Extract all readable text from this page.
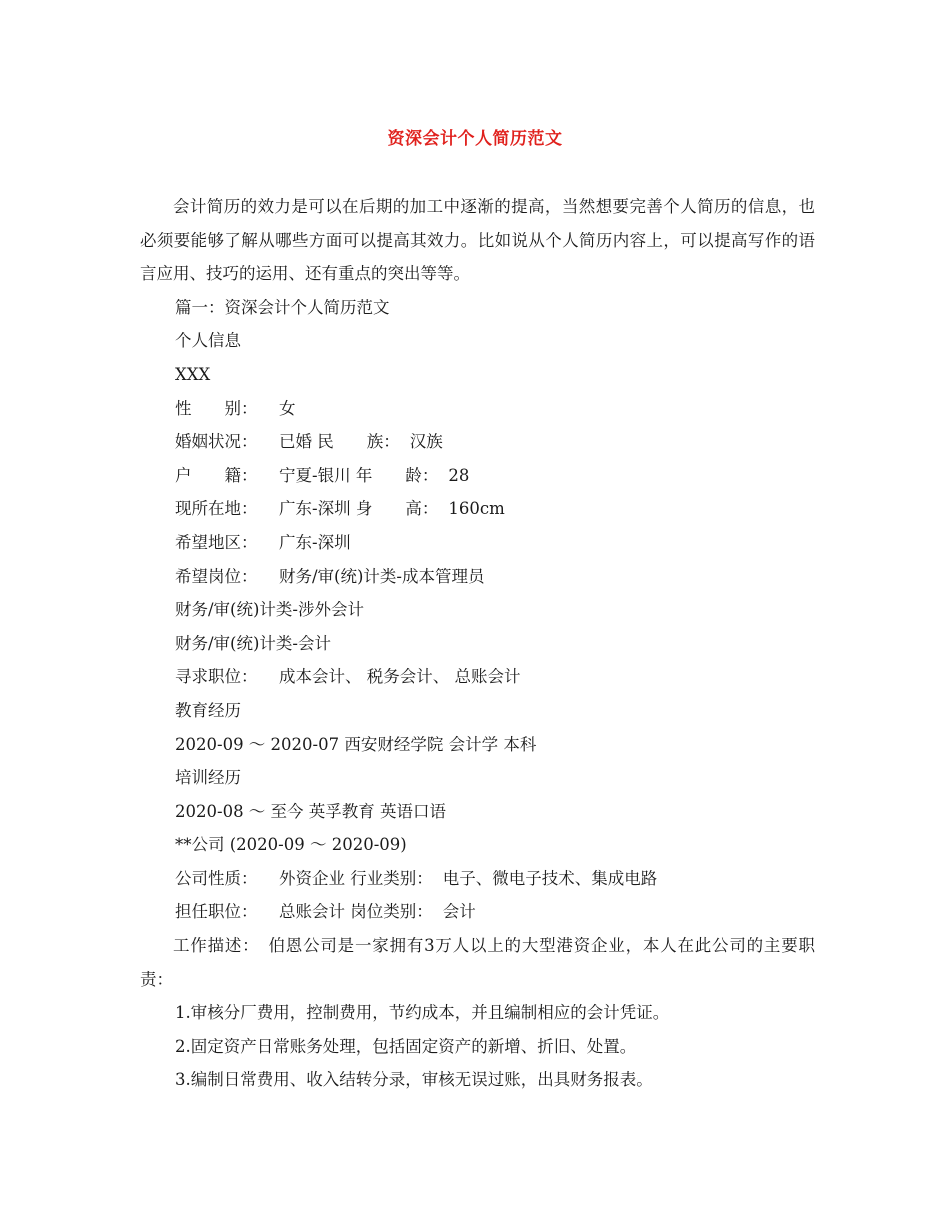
资深会计个人简历范文

会计简历的效力是可以在后期的加工中逐渐的提高，当然想要完善个人简历的信息，也必须要能够了解从哪些方面可以提高其效力。比如说从个人简历内容上，可以提高写作的语言应用、技巧的运用、还有重点的突出等等。

篇一：资深会计个人简历范文

个人信息

XXX

性　　别： 女

婚姻状况： 已婚 民　　族： 汉族

户　　籍： 宁夏-银川 年　　龄： 28

现所在地： 广东-深圳 身　　高： 160cm

希望地区： 广东-深圳

希望岗位： 财务/审(统)计类-成本管理员

财务/审(统)计类-涉外会计

财务/审(统)计类-会计

寻求职位： 成本会计、 税务会计、 总账会计

教育经历

2020-09 ～ 2020-07 西安财经学院 会计学 本科

培训经历

2020-08 ～ 至今 英孚教育 英语口语

**公司 (2020-09 ～ 2020-09)

公司性质： 外资企业 行业类别： 电子、微电子技术、集成电路

担任职位： 总账会计 岗位类别： 会计

工作描述：　伯恩公司是一家拥有3万人以上的大型港资企业，本人在此公司的主要职责：

1.审核分厂费用，控制费用，节约成本，并且编制相应的会计凭证。

2.固定资产日常账务处理，包括固定资产的新增、折旧、处置。

3.编制日常费用、收入结转分录，审核无误过账，出具财务报表。
